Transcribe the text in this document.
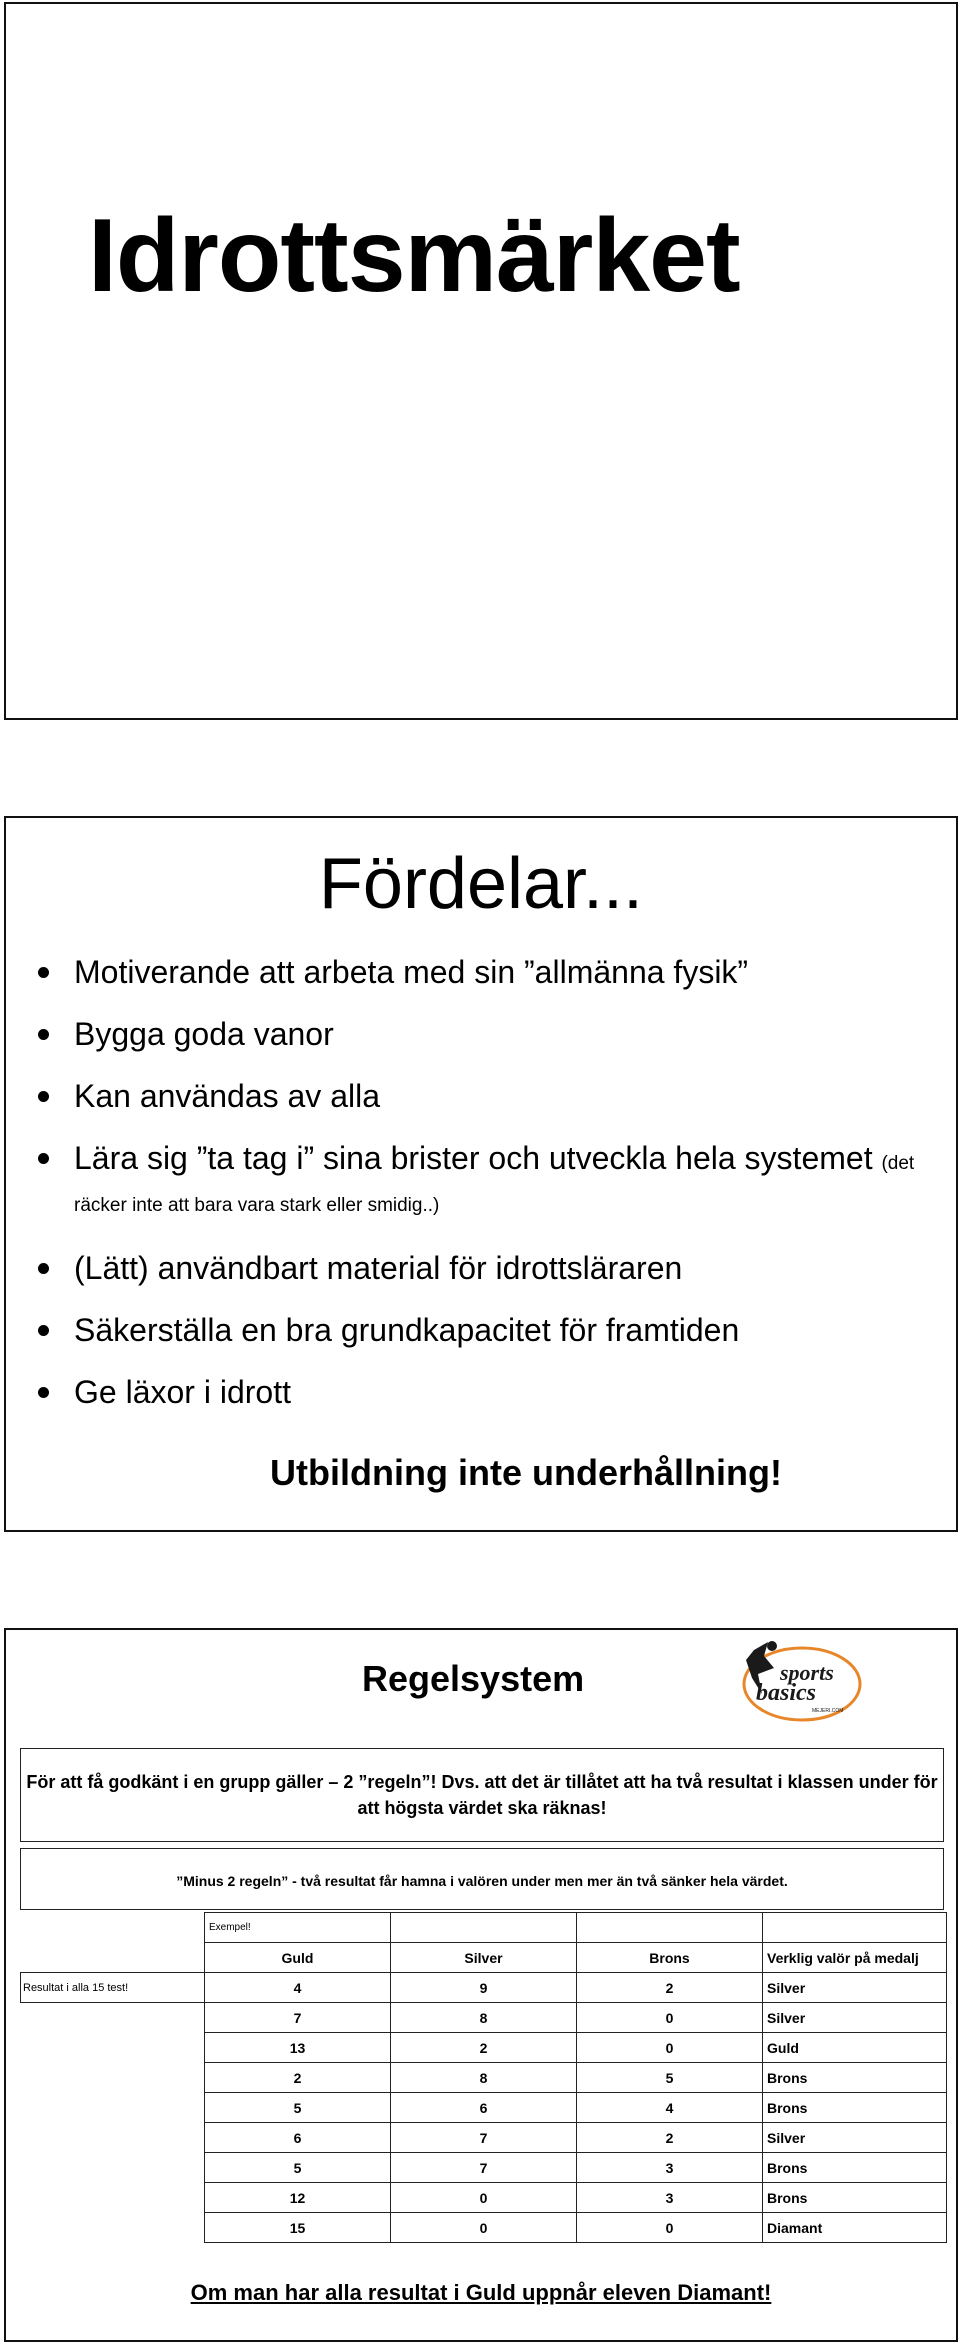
Idrottsmärket
Fördelar...
Motiverande att arbeta med sin ”allmänna fysik”
Bygga goda vanor
Kan användas av alla
Lära sig ”ta tag i” sina brister och utveckla hela systemet (det räcker inte att bara vara stark eller smidig..)
(Lätt) användbart material för idrottsläraren
Säkerställa en bra grundkapacitet för framtiden
Ge läxor i idrott
Utbildning inte underhållning!
Regelsystem	sports
basics
MEJERI.COM
För att få godkänt i en grupp gäller – 2 ”regeln”! Dvs. att det är tillåtet att ha två resultat i klassen under för att högsta värdet ska räknas!
”Minus 2 regeln” - två resultat får hamna i valören under men mer än två sänker hela värdet.
	Exempel!			
	Guld	Silver	Brons	Verklig valör på medalj
Resultat i alla 15 test!	4	9	2	Silver
	7	8	0	Silver
	13	2	0	Guld
	2	8	5	Brons
	5	6	4	Brons
	6	7	2	Silver
	5	7	3	Brons
	12	0	3	Brons
	15	0	0	Diamant
Om man har alla resultat i Guld uppnår eleven Diamant!
